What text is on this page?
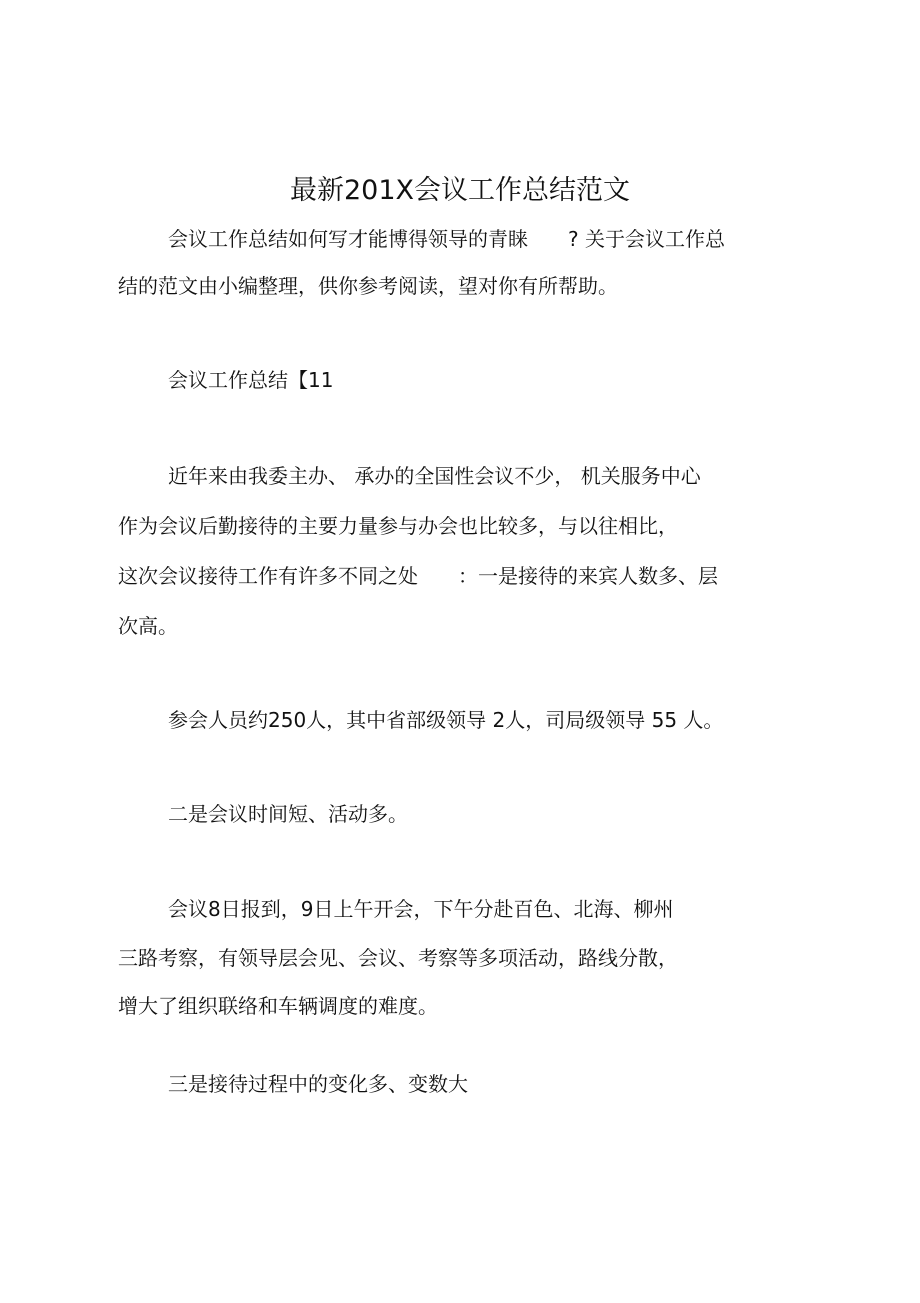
最新201X会议工作总结范文
会议工作总结如何写才能博得领导的青睐　　? 关于会议工作总
结的范文由小编整理，供你参考阅读，望对你有所帮助。
会议工作总结【11
近年来由我委主办、 承办的全国性会议不少， 机关服务中心
作为会议后勤接待的主要力量参与办会也比较多，与以往相比，
这次会议接待工作有许多不同之处　　：一是接待的来宾人数多、层
次高。
参会人员约250人，其中省部级领导 2人，司局级领导 55 人。
二是会议时间短、活动多。
会议8日报到，9日上午开会，下午分赴百色、北海、柳州
三路考察，有领导层会见、会议、考察等多项活动，路线分散，
增大了组织联络和车辆调度的难度。
三是接待过程中的变化多、变数大
